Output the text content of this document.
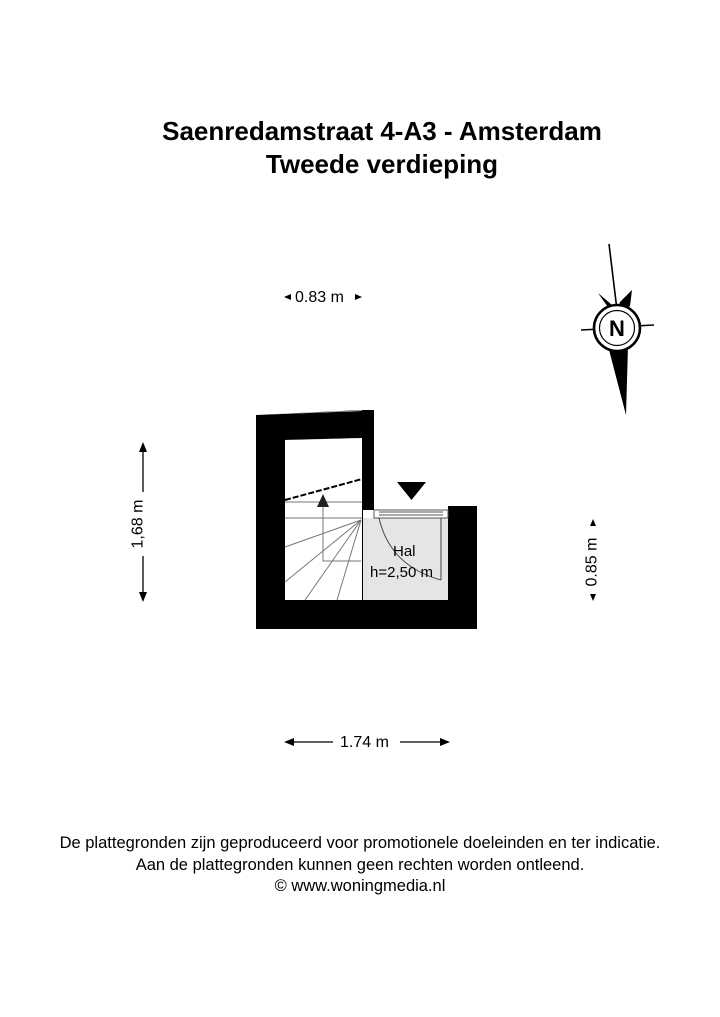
Saenredamstraat 4-A3 - Amsterdam
Tweede verdieping
N
0.83 m
1.74 m
1,68 m
0.85 m
Hal
h=2,50 m
De plattegronden zijn geproduceerd voor promotionele doeleinden en ter indicatie.
Aan de plattegronden kunnen geen rechten worden ontleend.
© www.woningmedia.nl
